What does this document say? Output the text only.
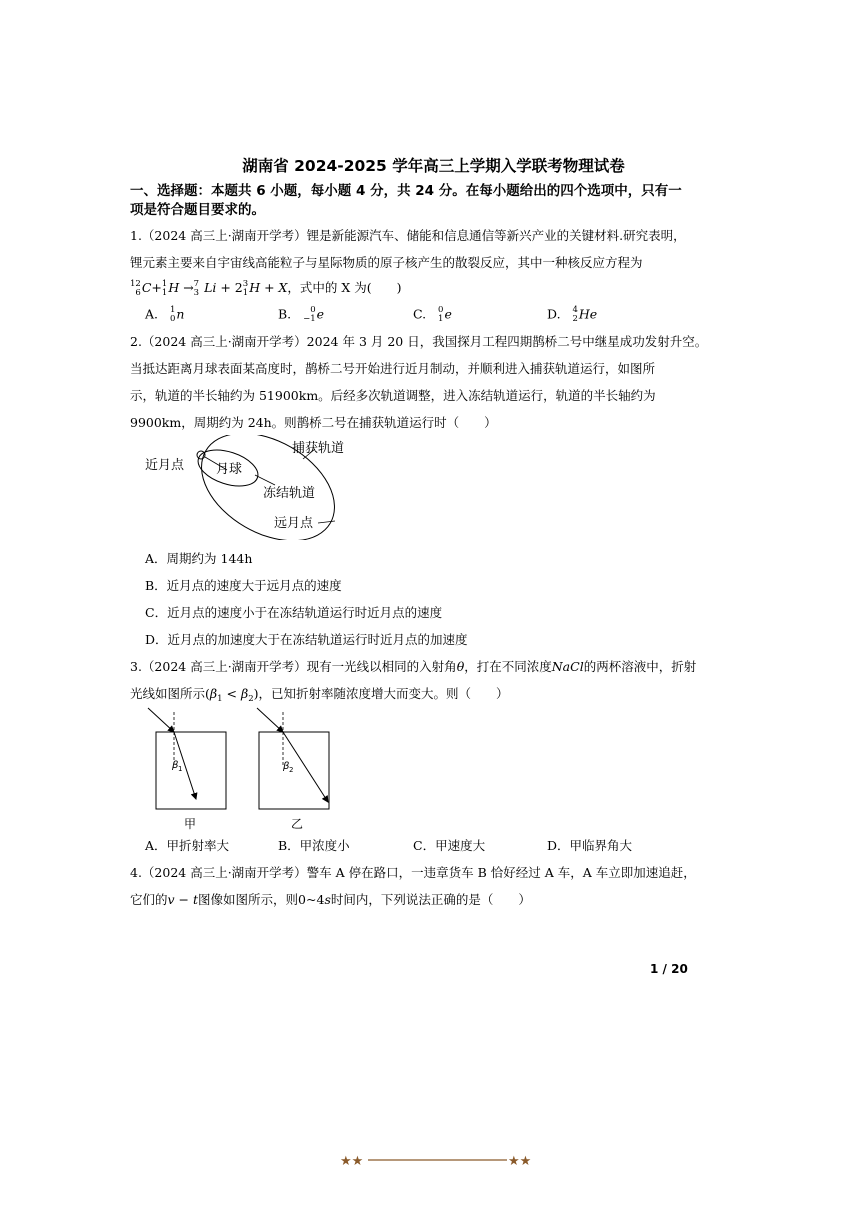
湖南省 2024-2025 学年高三上学期入学联考物理试卷
一、选择题：本题共 6 小题，每小题 4 分，共 24 分。在每小题给出的四个选项中，只有一项是符合题目要求的。
1.（2024 高三上·湖南开学考）锂是新能源汽车、储能和信息通信等新兴产业的关键材料.研究表明，
锂元素主要来自宇宙线高能粒子与星际物质的原子核产生的散裂反应，其中一种核反应方程为
12
6 C+ 1
1 H → 7
3 Li + 2 3
1 H + X，式中的 X 为(　　)
A. 1
0 n	B.	0
−1 e	C. 0
1 e	D. 4
2 He
2.（2024 高三上·湖南开学考）2024 年 3 月 20 日，我国探月工程四期鹊桥二号中继星成功发射升空。
当抵达距离月球表面某高度时，鹊桥二号开始进行近月制动，并顺利进入捕获轨道运行，如图所
示，轨道的半长轴约为 51900km。后经多次轨道调整，进入冻结轨道运行，轨道的半长轴约为
9900km，周期约为 24h。则鹊桥二号在捕获轨道运行时（　　）
捕获轨道
近月点 月球
冻结轨道
远月点
A．周期约为 144h
B．近月点的速度大于远月点的速度
C．近月点的速度小于在冻结轨道运行时近月点的速度
D．近月点的加速度大于在冻结轨道运行时近月点的加速度
3.（2024 高三上·湖南开学考）现有一光线以相同的入射角θ，打在不同浓度NaCl的两杯溶液中，折射
光线如图所示$(\beta_1 < \beta_2)$，已知折射率随浓度增大而变大。则（　　）
β 1	β 2
甲	乙
A．甲折射率大	B．甲浓度小	C．甲速度大	D．甲临界角大
4.（2024 高三上·湖南开学考）警车 A 停在路口，一违章货车 B 恰好经过 A 车，A 车立即加速追赶，
它们的v − t图像如图所示，则0~4s时间内，下列说法正确的是（　　）
1 / 20
★★	★★
